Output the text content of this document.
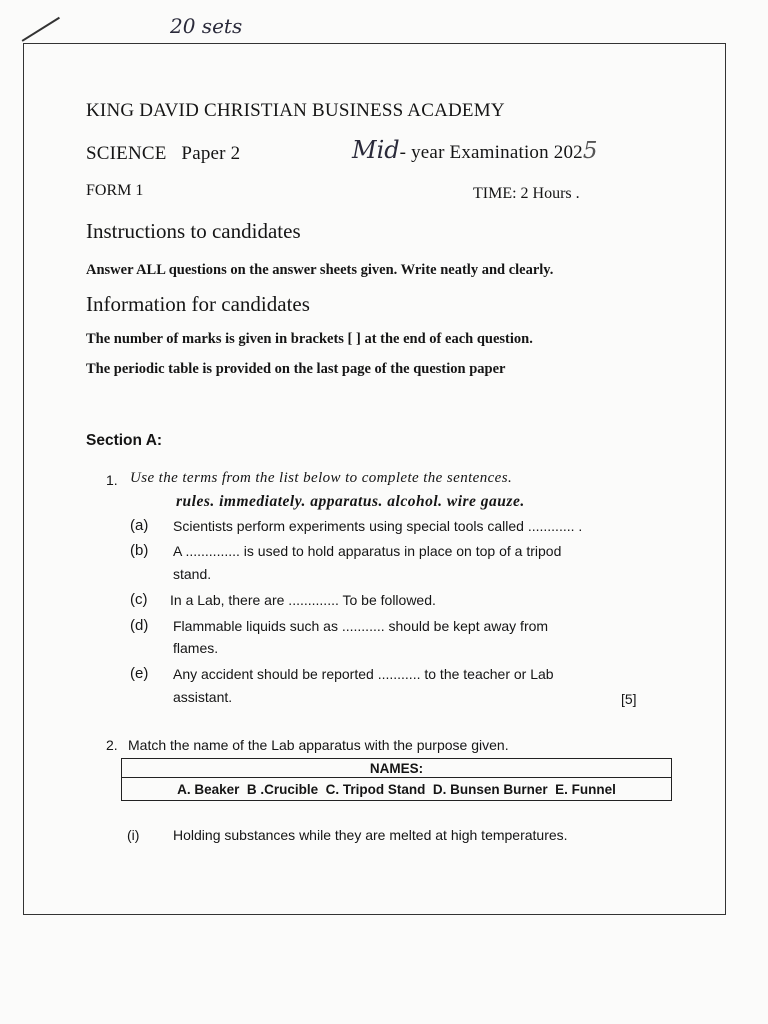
20 sets
KING DAVID CHRISTIAN BUSINESS ACADEMY
SCIENCE   Paper 2	Mid- year Examination 2025
FORM 1	TIME: 2 Hours .
Instructions to candidates
Answer ALL questions on the answer sheets given. Write neatly and clearly.
Information for candidates
The number of marks is given in brackets [ ] at the end of each question.
The periodic table is provided on the last page of the question paper
Section A:
1. Use the terms from the list below to complete the sentences.
rules. immediately. apparatus. alcohol. wire gauze.
(a) Scientists perform experiments using special tools called ............ .
(b) A .............. is used to hold apparatus in place on top of a tripod
stand.
(c) In a Lab, there are ............. To be followed.
(d) Flammable liquids such as ........... should be kept away from
flames.
(e) Any accident should be reported ........... to the teacher or Lab
assistant.	[5]
2. Match the name of the Lab apparatus with the purpose given.
NAMES:
A. Beaker  B .Crucible  C. Tripod Stand  D. Bunsen Burner  E. Funnel
(i) Holding substances while they are melted at high temperatures.
